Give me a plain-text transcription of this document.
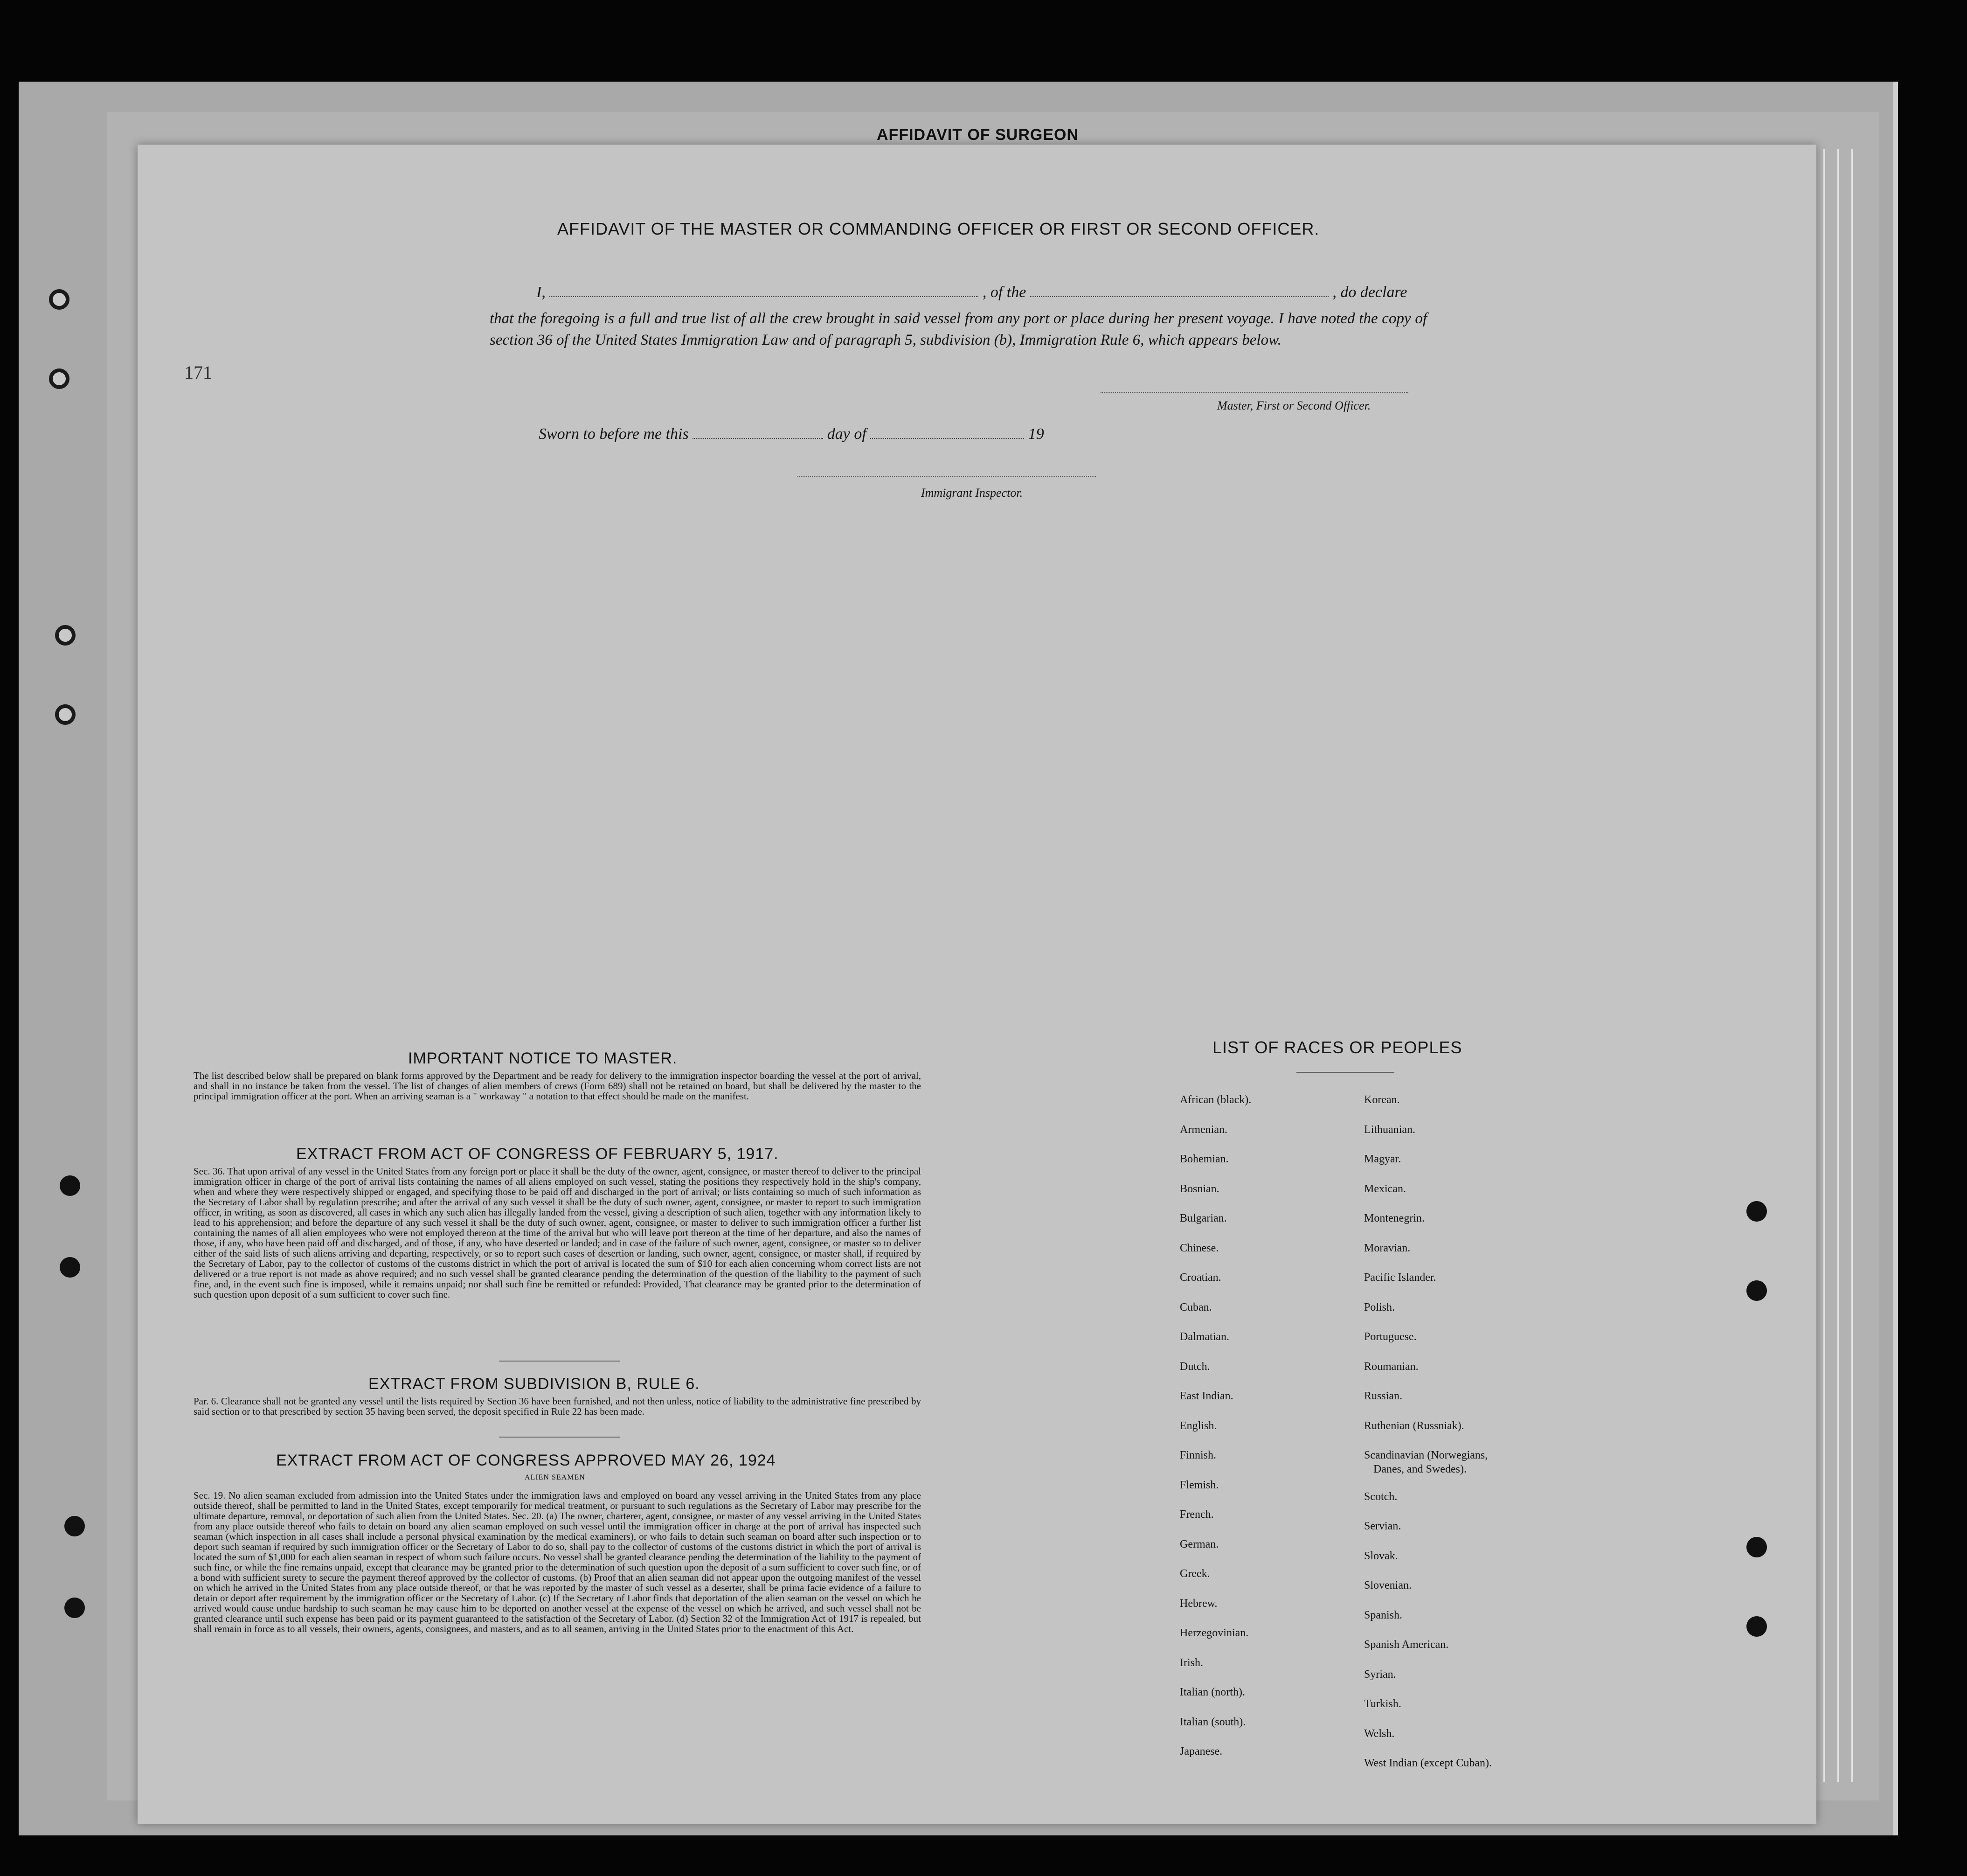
AFFIDAVIT OF SURGEON
171
AFFIDAVIT OF THE MASTER OR COMMANDING OFFICER OR FIRST OR SECOND OFFICER.
I,	, of the	, do declare
that the foregoing is a full and true list of all the crew brought in said vessel from any port or place during her present voyage. I have noted the copy of section 36 of the United States Immigration Law and of paragraph 5, subdivision (b), Immigration Rule 6, which appears below.
Master, First or Second Officer.
Sworn to before me this	day of	19
Immigrant Inspector.
IMPORTANT NOTICE TO MASTER.
The list described below shall be prepared on blank forms approved by the Department and be ready for delivery to the immigration inspector boarding the vessel at the port of arrival, and shall in no instance be taken from the vessel. The list of changes of alien members of crews (Form 689) shall not be retained on board, but shall be delivered by the master to the principal immigration officer at the port. When an arriving seaman is a " workaway " a notation to that effect should be made on the manifest.
EXTRACT FROM ACT OF CONGRESS OF FEBRUARY 5, 1917.
Sec. 36. That upon arrival of any vessel in the United States from any foreign port or place it shall be the duty of the owner, agent, consignee, or master thereof to deliver to the principal immigration officer in charge of the port of arrival lists containing the names of all aliens employed on such vessel, stating the positions they respectively hold in the ship's company, when and where they were respectively shipped or engaged, and specifying those to be paid off and discharged in the port of arrival; or lists containing so much of such information as the Secretary of Labor shall by regulation prescribe; and after the arrival of any such vessel it shall be the duty of such owner, agent, consignee, or master to report to such immigration officer, in writing, as soon as discovered, all cases in which any such alien has illegally landed from the vessel, giving a description of such alien, together with any information likely to lead to his apprehension; and before the departure of any such vessel it shall be the duty of such owner, agent, consignee, or master to deliver to such immigration officer a further list containing the names of all alien employees who were not employed thereon at the time of the arrival but who will leave port thereon at the time of her departure, and also the names of those, if any, who have been paid off and discharged, and of those, if any, who have deserted or landed; and in case of the failure of such owner, agent, consignee, or master so to deliver either of the said lists of such aliens arriving and departing, respectively, or so to report such cases of desertion or landing, such owner, agent, consignee, or master shall, if required by the Secretary of Labor, pay to the collector of customs of the customs district in which the port of arrival is located the sum of $10 for each alien concerning whom correct lists are not delivered or a true report is not made as above required; and no such vessel shall be granted clearance pending the determination of the question of the liability to the payment of such fine, and, in the event such fine is imposed, while it remains unpaid; nor shall such fine be remitted or refunded: Provided, That clearance may be granted prior to the determination of such question upon deposit of a sum sufficient to cover such fine.
EXTRACT FROM SUBDIVISION B, RULE 6.
Par. 6. Clearance shall not be granted any vessel until the lists required by Section 36 have been furnished, and not then unless, notice of liability to the administrative fine prescribed by said section or to that prescribed by section 35 having been served, the deposit specified in Rule 22 has been made.
EXTRACT FROM ACT OF CONGRESS APPROVED MAY 26, 1924
ALIEN SEAMEN
Sec. 19. No alien seaman excluded from admission into the United States under the immigration laws and employed on board any vessel arriving in the United States from any place outside thereof, shall be permitted to land in the United States, except temporarily for medical treatment, or pursuant to such regulations as the Secretary of Labor may prescribe for the ultimate departure, removal, or deportation of such alien from the United States. Sec. 20. (a) The owner, charterer, agent, consignee, or master of any vessel arriving in the United States from any place outside thereof who fails to detain on board any alien seaman employed on such vessel until the immigration officer in charge at the port of arrival has inspected such seaman (which inspection in all cases shall include a personal physical examination by the medical examiners), or who fails to detain such seaman on board after such inspection or to deport such seaman if required by such immigration officer or the Secretary of Labor to do so, shall pay to the collector of customs of the customs district in which the port of arrival is located the sum of $1,000 for each alien seaman in respect of whom such failure occurs. No vessel shall be granted clearance pending the determination of the liability to the payment of such fine, or while the fine remains unpaid, except that clearance may be granted prior to the determination of such question upon the deposit of a sum sufficient to cover such fine, or of a bond with sufficient surety to secure the payment thereof approved by the collector of customs. (b) Proof that an alien seaman did not appear upon the outgoing manifest of the vessel on which he arrived in the United States from any place outside thereof, or that he was reported by the master of such vessel as a deserter, shall be prima facie evidence of a failure to detain or deport after requirement by the immigration officer or the Secretary of Labor. (c) If the Secretary of Labor finds that deportation of the alien seaman on the vessel on which he arrived would cause undue hardship to such seaman he may cause him to be deported on another vessel at the expense of the vessel on which he arrived, and such vessel shall not be granted clearance until such expense has been paid or its payment guaranteed to the satisfaction of the Secretary of Labor. (d) Section 32 of the Immigration Act of 1917 is repealed, but shall remain in force as to all vessels, their owners, agents, consignees, and masters, and as to all seamen, arriving in the United States prior to the enactment of this Act.
LIST OF RACES OR PEOPLES
African (black).
Armenian.
Bohemian.
Bosnian.
Bulgarian.
Chinese.
Croatian.
Cuban.
Dalmatian.
Dutch.
East Indian.
English.
Finnish.
Flemish.
French.
German.
Greek.
Hebrew.
Herzegovinian.
Irish.
Italian (north).
Italian (south).
Japanese.
Korean.
Lithuanian.
Magyar.
Mexican.
Montenegrin.
Moravian.
Pacific Islander.
Polish.
Portuguese.
Roumanian.
Russian.
Ruthenian (Russniak).
Scandinavian (Norwegians,
Danes, and Swedes).
Scotch.
Servian.
Slovak.
Slovenian.
Spanish.
Spanish American.
Syrian.
Turkish.
Welsh.
West Indian (except Cuban).
